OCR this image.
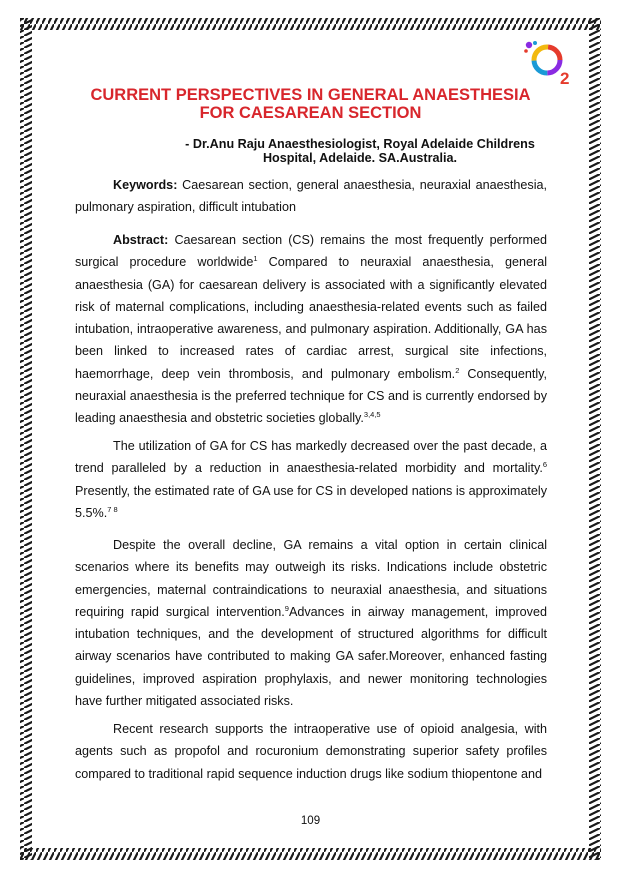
2
CURRENT PERSPECTIVES IN GENERAL ANAESTHESIA
FOR CAESAREAN SECTION
- Dr.Anu Raju Anaesthesiologist, Royal Adelaide Childrens
Hospital, Adelaide. SA.Australia.

Keywords: Caesarean section, general anaesthesia, neuraxial anaesthesia, pulmonary aspiration, difficult intubation

Abstract: Caesarean section (CS) remains the most frequently performed surgical procedure worldwide$^1$ Compared to neuraxial anaesthesia, general anaesthesia (GA) for caesarean delivery is associated with a significantly elevated risk of maternal complications, including anaesthesia-related events such as failed intubation, intraoperative awareness, and pulmonary aspiration. Additionally, GA has been linked to increased rates of cardiac arrest, surgical site infections, haemorrhage, deep vein thrombosis, and pulmonary embolism.$^2$ Consequently, neuraxial anaesthesia is the preferred technique for CS and is currently endorsed by leading anaesthesia and obstetric societies globally.$^{3,4,5}$

The utilization of GA for CS has markedly decreased over the past decade, a trend paralleled by a reduction in anaesthesia-related morbidity and mortality.$^6$ Presently, the estimated rate of GA use for CS in developed nations is approximately 5.5%.$^{7 8}$

Despite the overall decline, GA remains a vital option in certain clinical scenarios where its benefits may outweigh its risks. Indications include obstetric emergencies, maternal contraindications to neuraxial anaesthesia, and situations requiring rapid surgical intervention.$^9$Advances in airway management, improved intubation techniques, and the development of structured algorithms for difficult airway scenarios have contributed to making GA safer.Moreover, enhanced fasting guidelines, improved aspiration prophylaxis, and newer monitoring technologies have further mitigated associated risks.

Recent research supports the intraoperative use of opioid analgesia, with agents such as propofol and rocuronium demonstrating superior safety profiles compared to traditional rapid sequence induction drugs like sodium thiopentone and

109
